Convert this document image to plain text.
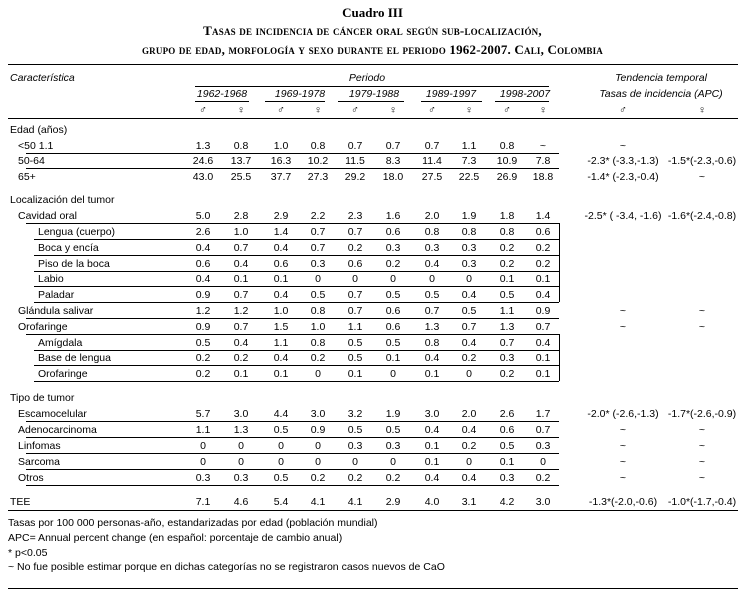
Cuadro III
Tasas de incidencia de cáncer oral según sub-localización,
grupo de edad, morfología y sexo durante el periodo 1962-2007. Cali, Colombia
Característica	Periodo	Tendencia temporal
Tasas de incidencia (APC)
1962-1968	1969-1978 1979-1988	1989-1997 1998-2007
♂	♀	♂	♀	♂	♀	♂	♀	♂	♀	♂	♀
Edad (años)
<50 1.1	1.3 0.8 1.0 0.8 0.7 0.7 0.7 1.1 0.8 ~	~
50-64	24.6 13.7 16.3 10.2 11.5 8.3 11.4 7.3 10.9 7.8	-2.3* (-3.3,-1.3) -1.5*(-2.3,-0.6)
65+	43.0 25.5 37.7 27.3 29.2 18.0 27.5 22.5 26.9 18.8	-1.4* (-2.3,-0.4)	~
Localización del tumor
Cavidad oral	5.0 2.8 2.9 2.2 2.3 1.6 2.0 1.9 1.8 1.4	-2.5* ( -3.4, -1.6) -1.6*(-2.4,-0.8)
Lengua (cuerpo)	2.6 1.0 1.4 0.7 0.7 0.6 0.8 0.8 0.8 0.6
Boca y encía	0.4 0.7 0.4 0.7 0.2 0.3 0.3 0.3 0.2 0.2
Piso de la boca	0.6 0.4 0.6 0.3 0.6 0.2 0.4 0.3 0.2 0.2
Labio	0.4 0.1 0.1	0	0	0	0	0	0.1 0.1
Paladar	0.9 0.7 0.4 0.5 0.7 0.5 0.5 0.4 0.5 0.4
Glándula salivar	1.2 1.2 1.0 0.8 0.7 0.6 0.7 0.5 1.1 0.9	~	~
Orofaringe	0.9 0.7 1.5 1.0 1.1 0.6 1.3 0.7 1.3 0.7	~	~
Amígdala	0.5 0.4 1.1 0.8 0.5 0.5 0.8 0.4 0.7 0.4
Base de lengua	0.2 0.2 0.4 0.2 0.5 0.1 0.4 0.2 0.3 0.1
Orofaringe	0.2 0.1 0.1	0	0.1	0	0.1	0	0.2 0.1
Tipo de tumor
Escamocelular	5.7 3.0 4.4 3.0 3.2 1.9 3.0 2.0 2.6 1.7	-2.0* (-2.6,-1.3) -1.7*(-2.6,-0.9)
Adenocarcinoma	1.1 1.3 0.5 0.9 0.5 0.5 0.4 0.4 0.6 0.7	~	~
Linfomas	0	0	0	0	0.3 0.3 0.1 0.2 0.5 0.3	~	~
Sarcoma	0	0	0	0	0	0	0.1	0	0.1 0	~	~
Otros	0.3 0.3 0.5 0.2 0.2 0.2 0.4 0.4 0.3 0.2	~	~
TEE	7.1 4.6 5.4 4.1 4.1 2.9 4.0 3.1 4.2 3.0	-1.3*(-2.0,-0.6) -1.0*(-1.7,-0.4)
Tasas por 100 000 personas-año, estandarizadas por edad (población mundial)
APC= Annual percent change (en español: porcentaje de cambio anual)
* p<0.05
~ No fue posible estimar porque en dichas categorías no se registraron casos nuevos de CaO
